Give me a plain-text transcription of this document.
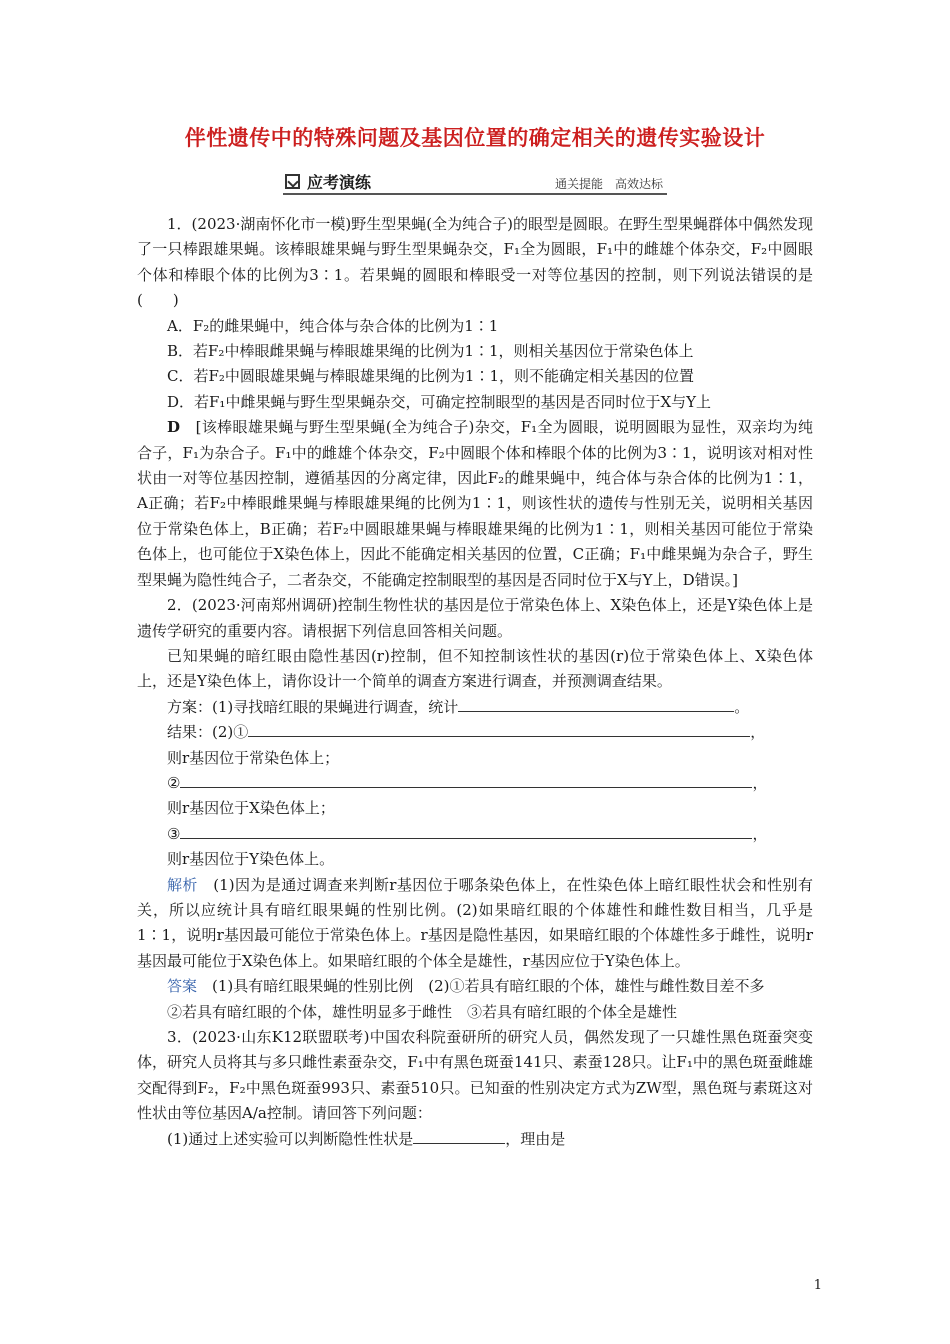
伴性遗传中的特殊问题及基因位置的确定相关的遗传实验设计
应考演练	通关提能　高效达标

1．(2023·湖南怀化市一模)野生型果蝇(全为纯合子)的眼型是圆眼。在野生型果蝇群体中偶然发现了一只棒跟雄果蝇。该棒眼雄果蝇与野生型果蝇杂交，F₁全为圆眼，F₁中的雌雄个体杂交，F₂中圆眼个体和棒眼个体的比例为3∶1。若果蝇的圆眼和棒眼受一对等位基因的控制，则下列说法错误的是(　　)

A．F₂的雌果蝇中，纯合体与杂合体的比例为1∶1

B．若F₂中棒眼雌果蝇与棒眼雄果绳的比例为1∶1，则相关基因位于常染色体上

C．若F₂中圆眼雄果蝇与棒眼雄果绳的比例为1∶1，则不能确定相关基因的位置

D．若F₁中雌果蝇与野生型果蝇杂交，可确定控制眼型的基因是否同时位于X与Y上

D　 [该棒眼雄果蝇与野生型果蝇(全为纯合子)杂交，F₁全为圆眼，说明圆眼为显性，双亲均为纯合子，F₁为杂合子。F₁中的雌雄个体杂交，F₂中圆眼个体和棒眼个体的比例为3∶1，说明该对相对性状由一对等位基因控制，遵循基因的分离定律，因此F₂的雌果蝇中，纯合体与杂合体的比例为1∶1，A正确；若F₂中棒眼雌果蝇与棒眼雄果绳的比例为1∶1，则该性状的遗传与性别无关，说明相关基因位于常染色体上，B正确；若F₂中圆眼雄果蝇与棒眼雄果绳的比例为1∶1，则相关基因可能位于常染色体上，也可能位于X染色体上，因此不能确定相关基因的位置，C正确；F₁中雌果蝇为杂合子，野生型果蝇为隐性纯合子，二者杂交，不能确定控制眼型的基因是否同时位于X与Y上，D错误。]

2．(2023·河南郑州调研)控制生物性状的基因是位于常染色体上、X染色体上，还是Y染色体上是遗传学研究的重要内容。请根据下列信息回答相关问题。

已知果蝇的暗红眼由隐性基因(r)控制，但不知控制该性状的基因(r)位于常染色体上、X染色体上，还是Y染色体上，请你设计一个简单的调查方案进行调查，并预测调查结果。

方案：(1)寻找暗红眼的果蝇进行调查，统计	。

结果：(2)①	，

则r基因位于常染色体上；

②	，

则r基因位于X染色体上；

③	，

则r基因位于Y染色体上。

解析　 (1)因为是通过调查来判断r基因位于哪条染色体上，在性染色体上暗红眼性状会和性别有关，所以应统计具有暗红眼果蝇的性别比例。(2)如果暗红眼的个体雄性和雌性数目相当，几乎是1∶1，说明r基因最可能位于常染色体上。r基因是隐性基因，如果暗红眼的个体雄性多于雌性，说明r基因最可能位于X染色体上。如果暗红眼的个体全是雄性，r基因应位于Y染色体上。

答案　 (1)具有暗红眼果蝇的性别比例　(2)①若具有暗红眼的个体，雄性与雌性数目差不多

②若具有暗红眼的个体，雄性明显多于雌性　③若具有暗红眼的个体全是雄性

3．(2023·山东K12联盟联考)中国农科院蚕研所的研究人员，偶然发现了一只雄性黑色斑蚕突变体，研究人员将其与多只雌性素蚕杂交，F₁中有黑色斑蚕141只、素蚕128只。让F₁中的黑色斑蚕雌雄交配得到F₂，F₂中黑色斑蚕993只、素蚕510只。已知蚕的性别决定方式为ZW型，黑色斑与素斑这对性状由等位基因A/a控制。请回答下列问题：

(1)通过上述实验可以判断隐性性状是	，理由是

1
